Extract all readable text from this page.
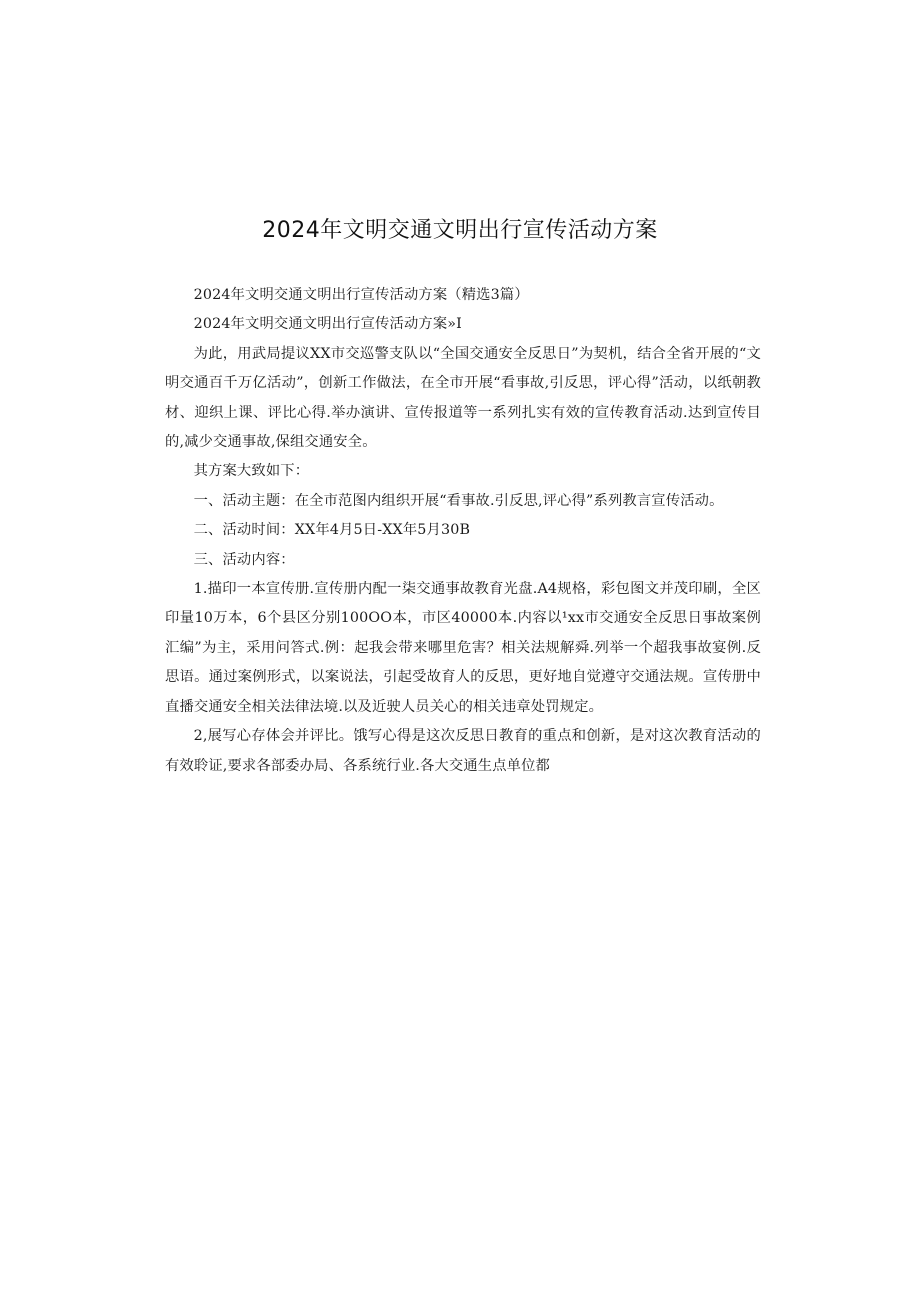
2024年文明交通文明出行宣传活动方案

2024年文明交通文明出行宣传活动方案（精选3篇）

2024年文明交通文明出行宣传活动方案»I

为此，用武局提议XX市交巡警支队以“全国交通安全反思日”为契机，结合全省开展的“文明交通百千万亿活动”，创新工作做法，在全市开展“看事故,引反思，评心得”活动，以纸朝教材、迎织上课、评比心得.举办演讲、宣传报道等一系列扎实有效的宣传教育活动.达到宣传目的,减少交通事故,保组交通安全。

其方案大致如下：

一、活动主题：在全市范图内组织开展“看事故.引反思,评心得”系列教言宣传活动。

二、活动时间：XX年4月5日-XX年5月30B

三、活动内容：

1.描印一本宣传册.宣传册内配一柒交通事故教育光盘.A4规格，彩包图文并茂印刷，全区印量10万本，6个县区分别100OO本，市区40000本.内容以¹xx市交通安全反思日事故案例汇编”为主，采用问答式.例：起我会带来哪里危害？相关法规解舜.列举一个超我事故宴例.反思语。通过案例形式，以案说法，引起受故育人的反思，更好地自觉遵守交通法规。宣传册中直播交通安全相关法律法境.以及近驶人员关心的相关违章处罚规定。

2,展写心存体会并评比。饿写心得是这次反思日教育的重点和创新，是对这次教育活动的有效聆证,要求各部委办局、各系统行业.各大交通生点单位都
